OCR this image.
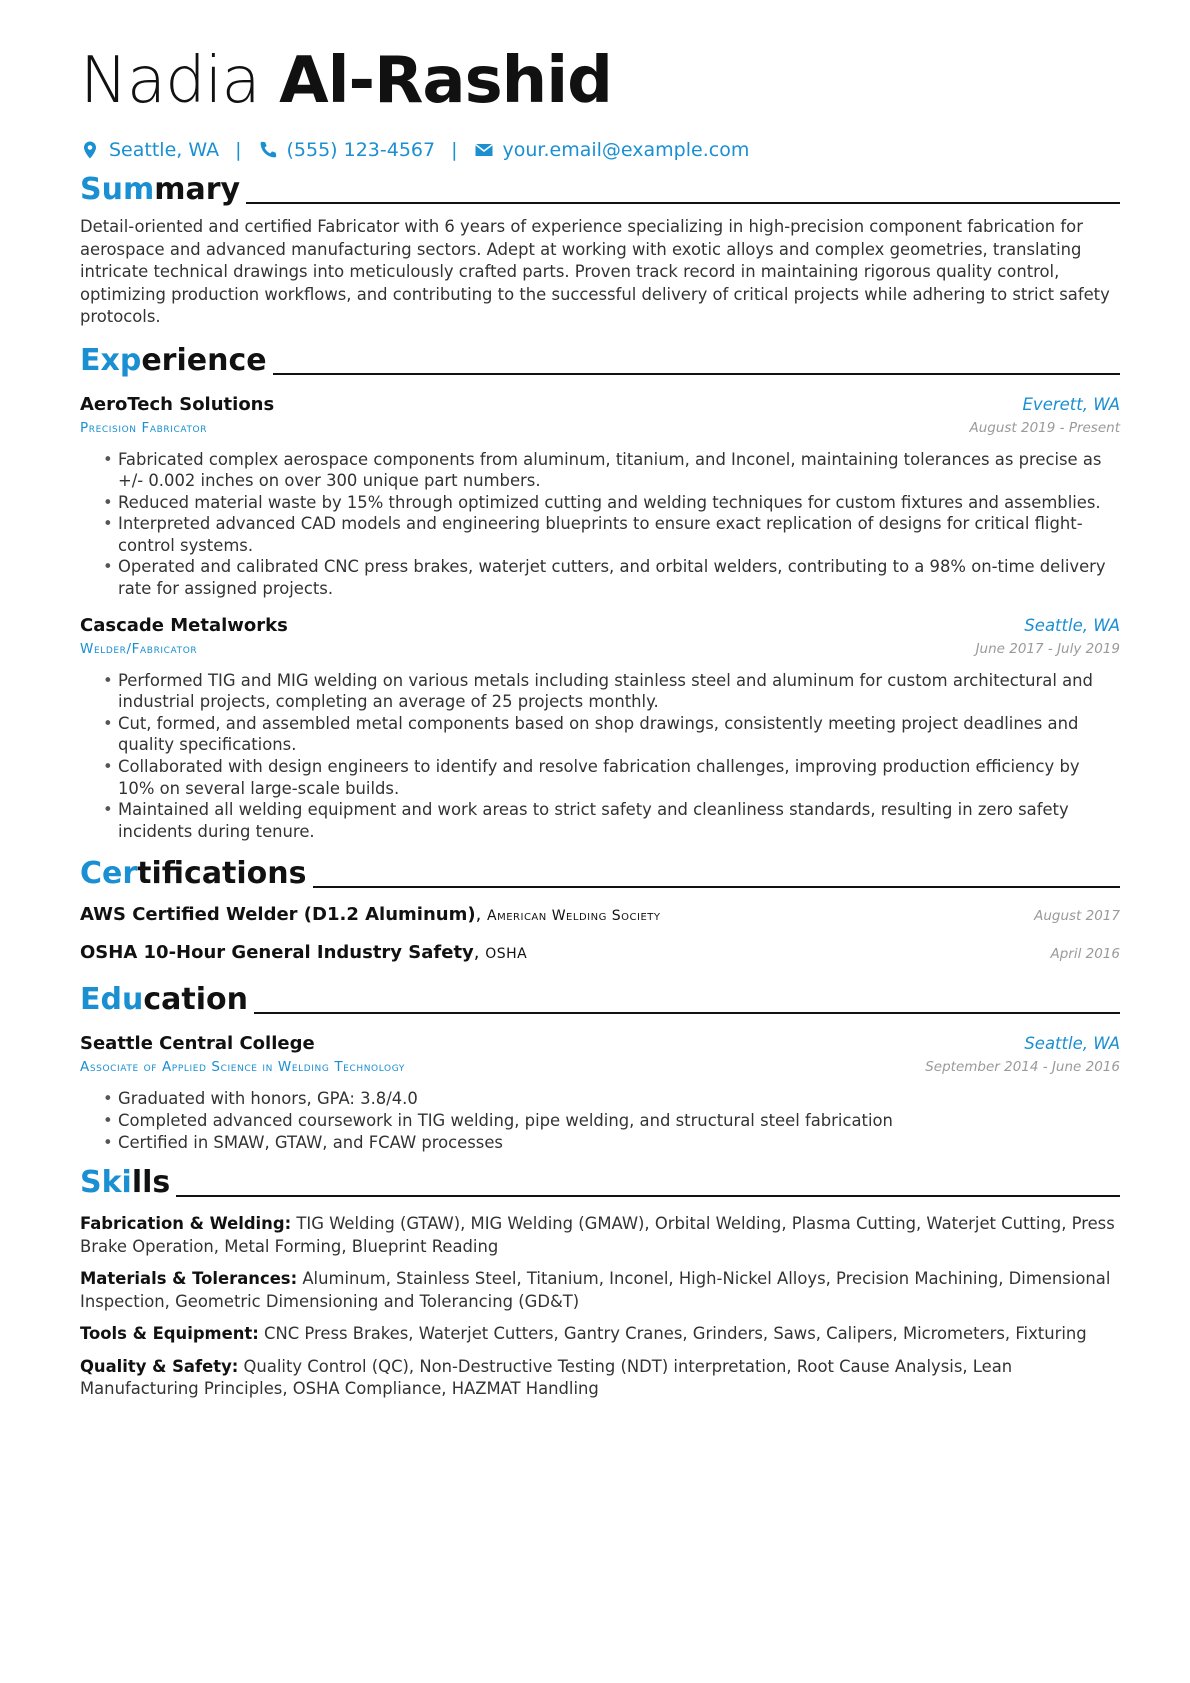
Nadia Al-Rashid
Seattle, WA | (555) 123-4567 | your.email@example.com
Summary
Detail-oriented and certified Fabricator with 6 years of experience specializing in high-precision component fabrication for aerospace and advanced manufacturing sectors. Adept at working with exotic alloys and complex geometries, translating intricate technical drawings into meticulously crafted parts. Proven track record in maintaining rigorous quality control, optimizing production workflows, and contributing to the successful delivery of critical projects while adhering to strict safety protocols.
Experience
AeroTech Solutions	Everett, WA
Precision Fabricator	August 2019 - Present
• Fabricated complex aerospace components from aluminum, titanium, and Inconel, maintaining tolerances as precise as +/- 0.002 inches on over 300 unique part numbers.
• Reduced material waste by 15% through optimized cutting and welding techniques for custom fixtures and assemblies.
• Interpreted advanced CAD models and engineering blueprints to ensure exact replication of designs for critical flight-control systems.
• Operated and calibrated CNC press brakes, waterjet cutters, and orbital welders, contributing to a 98% on-time delivery rate for assigned projects.
Cascade Metalworks	Seattle, WA
Welder/Fabricator	June 2017 - July 2019
• Performed TIG and MIG welding on various metals including stainless steel and aluminum for custom architectural and industrial projects, completing an average of 25 projects monthly.
• Cut, formed, and assembled metal components based on shop drawings, consistently meeting project deadlines and quality specifications.
• Collaborated with design engineers to identify and resolve fabrication challenges, improving production efficiency by 10% on several large-scale builds.
• Maintained all welding equipment and work areas to strict safety and cleanliness standards, resulting in zero safety incidents during tenure.
Certifications
AWS Certified Welder (D1.2 Aluminum), American Welding Society	August 2017
OSHA 10-Hour General Industry Safety, OSHA	April 2016
Education
Seattle Central College	Seattle, WA
Associate of Applied Science in Welding Technology	September 2014 - June 2016
• Graduated with honors, GPA: 3.8/4.0
• Completed advanced coursework in TIG welding, pipe welding, and structural steel fabrication
• Certified in SMAW, GTAW, and FCAW processes
Skills
Fabrication & Welding: TIG Welding (GTAW), MIG Welding (GMAW), Orbital Welding, Plasma Cutting, Waterjet Cutting, Press Brake Operation, Metal Forming, Blueprint Reading
Materials & Tolerances: Aluminum, Stainless Steel, Titanium, Inconel, High-Nickel Alloys, Precision Machining, Dimensional Inspection, Geometric Dimensioning and Tolerancing (GD&T)
Tools & Equipment: CNC Press Brakes, Waterjet Cutters, Gantry Cranes, Grinders, Saws, Calipers, Micrometers, Fixturing
Quality & Safety: Quality Control (QC), Non-Destructive Testing (NDT) interpretation, Root Cause Analysis, Lean Manufacturing Principles, OSHA Compliance, HAZMAT Handling
